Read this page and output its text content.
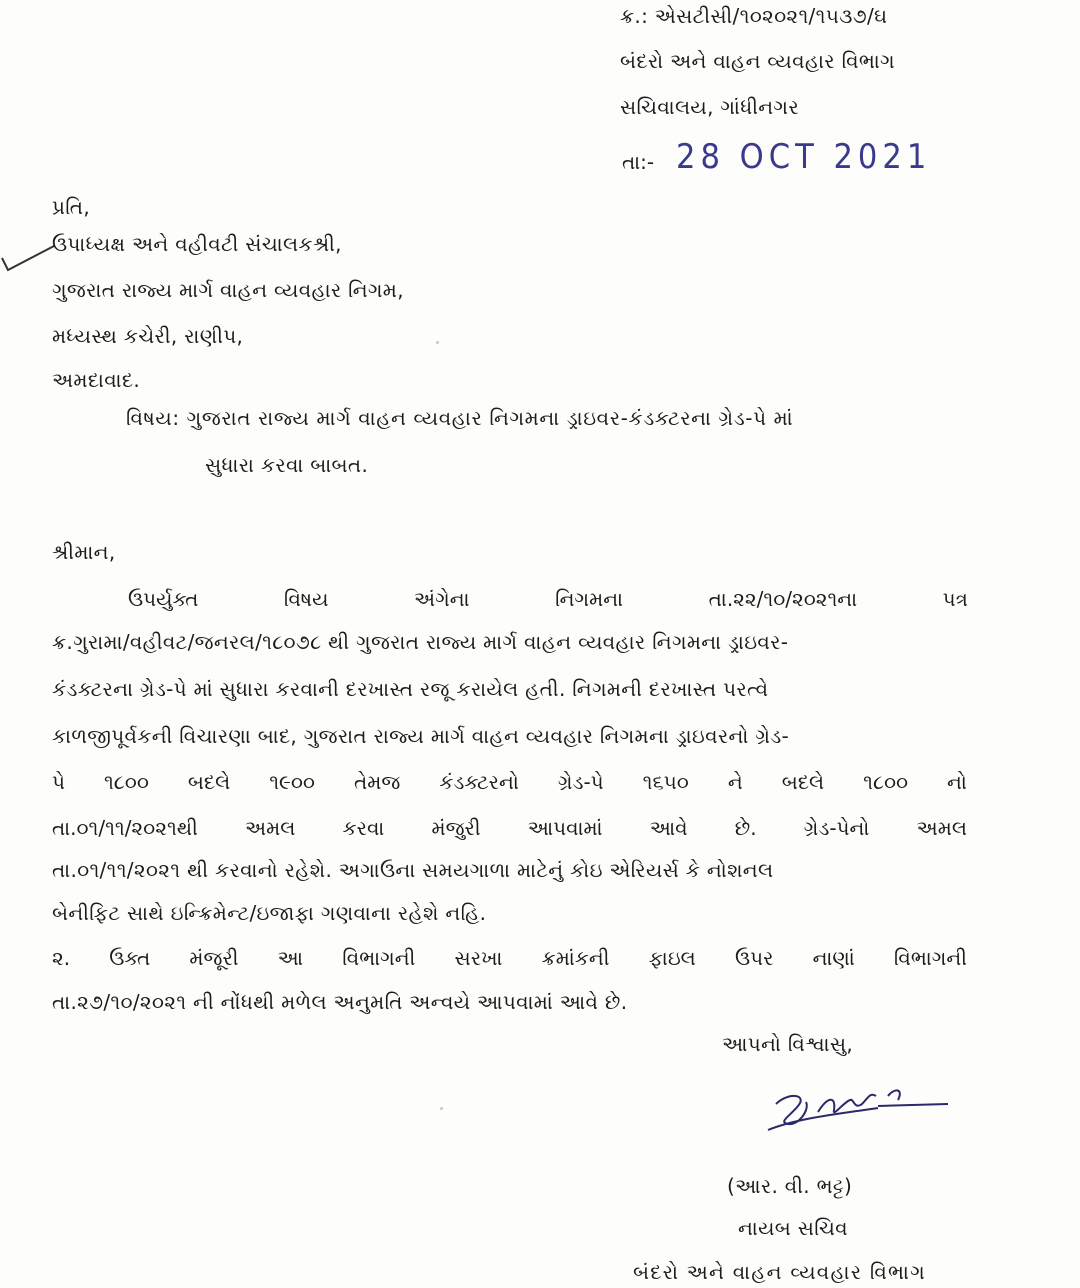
ક્ર.: એસટીસી/૧૦૨૦૨૧/૧૫૩૭/ઘ
બંદરો અને વાહન વ્યવહાર વિભાગ
સચિવાલય, ગાંધીનગર
તા:- 28 OCT 2021
પ્રતિ,
ઉપાધ્યક્ષ અને વહીવટી સંચાલકશ્રી,
ગુજરાત રાજ્ય માર્ગ વાહન વ્યવહાર નિગમ,
મધ્યસ્થ કચેરી, રાણીપ,
અમદાવાદ.
વિષય: ગુજરાત રાજ્ય માર્ગ વાહન વ્યવહાર નિગમના ડ્રાઇવર-કંડક્ટરના ગ્રેડ-પે માં
સુધારા કરવા બાબત.
શ્રીમાન,
ઉપર્યુક્ત	વિષય	અંગેના	નિગમના	તા.૨૨/૧૦/૨૦૨૧ના	પત્ર
ક્ર.ગુરામા/વહીવટ/જનરલ/૧૮૦૭૮ થી ગુજરાત રાજ્ય માર્ગ વાહન વ્યવહાર નિગમના ડ્રાઇવર-
કંડક્ટરના ગ્રેડ-પે માં સુધારા કરવાની દરખાસ્ત રજૂ કરાયેલ હતી. નિગમની દરખાસ્ત પરત્વે
કાળજીપૂર્વકની વિચારણા બાદ, ગુજરાત રાજ્ય માર્ગ વાહન વ્યવહાર નિગમના ડ્રાઇવરનો ગ્રેડ-
પે ૧૮૦૦ બદલે ૧૯૦૦ તેમજ કંડક્ટરનો ગ્રેડ-પે ૧૬૫૦ ને બદલે ૧૮૦૦ નો
તા.૦૧/૧૧/૨૦૨૧થી અમલ કરવા મંજુરી આપવામાં આવે છે. ગ્રેડ-પેનો અમલ
તા.૦૧/૧૧/૨૦૨૧ થી કરવાનો રહેશે. અગાઉના સમયગાળા માટેનું કોઇ એરિયર્સ કે નોશનલ
બેનીફિટ સાથે ઇન્ક્રિમેન્ટ/ઇજાફા ગણવાના રહેશે નહિ.
૨. ઉક્ત મંજૂરી આ વિભાગની સરખા ક્રમાંકની ફાઇલ ઉપર નાણાં વિભાગની
તા.૨૭/૧૦/૨૦૨૧ ની નોંધથી મળેલ અનુમતિ અન્વયે આપવામાં આવે છે.
આપનો વિશ્વાસુ,
(આર. વી. ભટ્ટ)
નાયબ સચિવ
બંદરો અને વાહન વ્યવહાર વિભાગ
